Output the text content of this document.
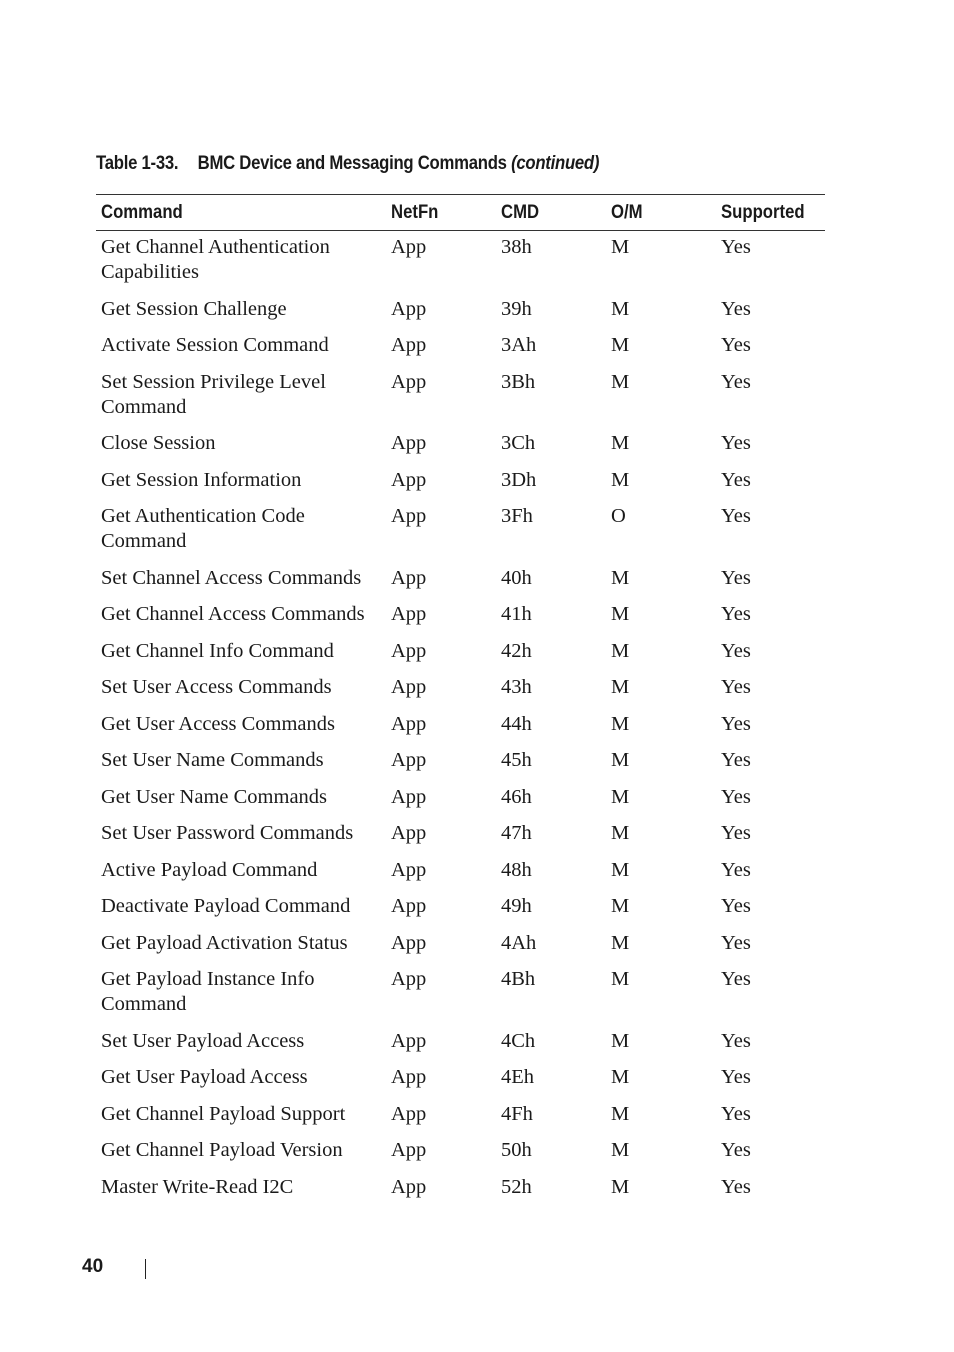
Table 1-33. BMC Device and Messaging Commands (continued)
Command	NetFn	CMD	O/M	Supported
Get Channel Authentication Capabilities	App	38h	M	Yes
Get Session Challenge	App	39h	M	Yes
Activate Session Command	App	3Ah	M	Yes
Set Session Privilege Level Command	App	3Bh	M	Yes
Close Session	App	3Ch	M	Yes
Get Session Information	App	3Dh	M	Yes
Get Authentication Code Command	App	3Fh	O	Yes
Set Channel Access Commands	App	40h	M	Yes
Get Channel Access Commands	App	41h	M	Yes
Get Channel Info Command	App	42h	M	Yes
Set User Access Commands	App	43h	M	Yes
Get User Access Commands	App	44h	M	Yes
Set User Name Commands	App	45h	M	Yes
Get User Name Commands	App	46h	M	Yes
Set User Password Commands	App	47h	M	Yes
Active Payload Command	App	48h	M	Yes
Deactivate Payload Command	App	49h	M	Yes
Get Payload Activation Status	App	4Ah	M	Yes
Get Payload Instance Info Command	App	4Bh	M	Yes
Set User Payload Access	App	4Ch	M	Yes
Get User Payload Access	App	4Eh	M	Yes
Get Channel Payload Support	App	4Fh	M	Yes
Get Channel Payload Version	App	50h	M	Yes
Master Write-Read I2C	App	52h	M	Yes
40
